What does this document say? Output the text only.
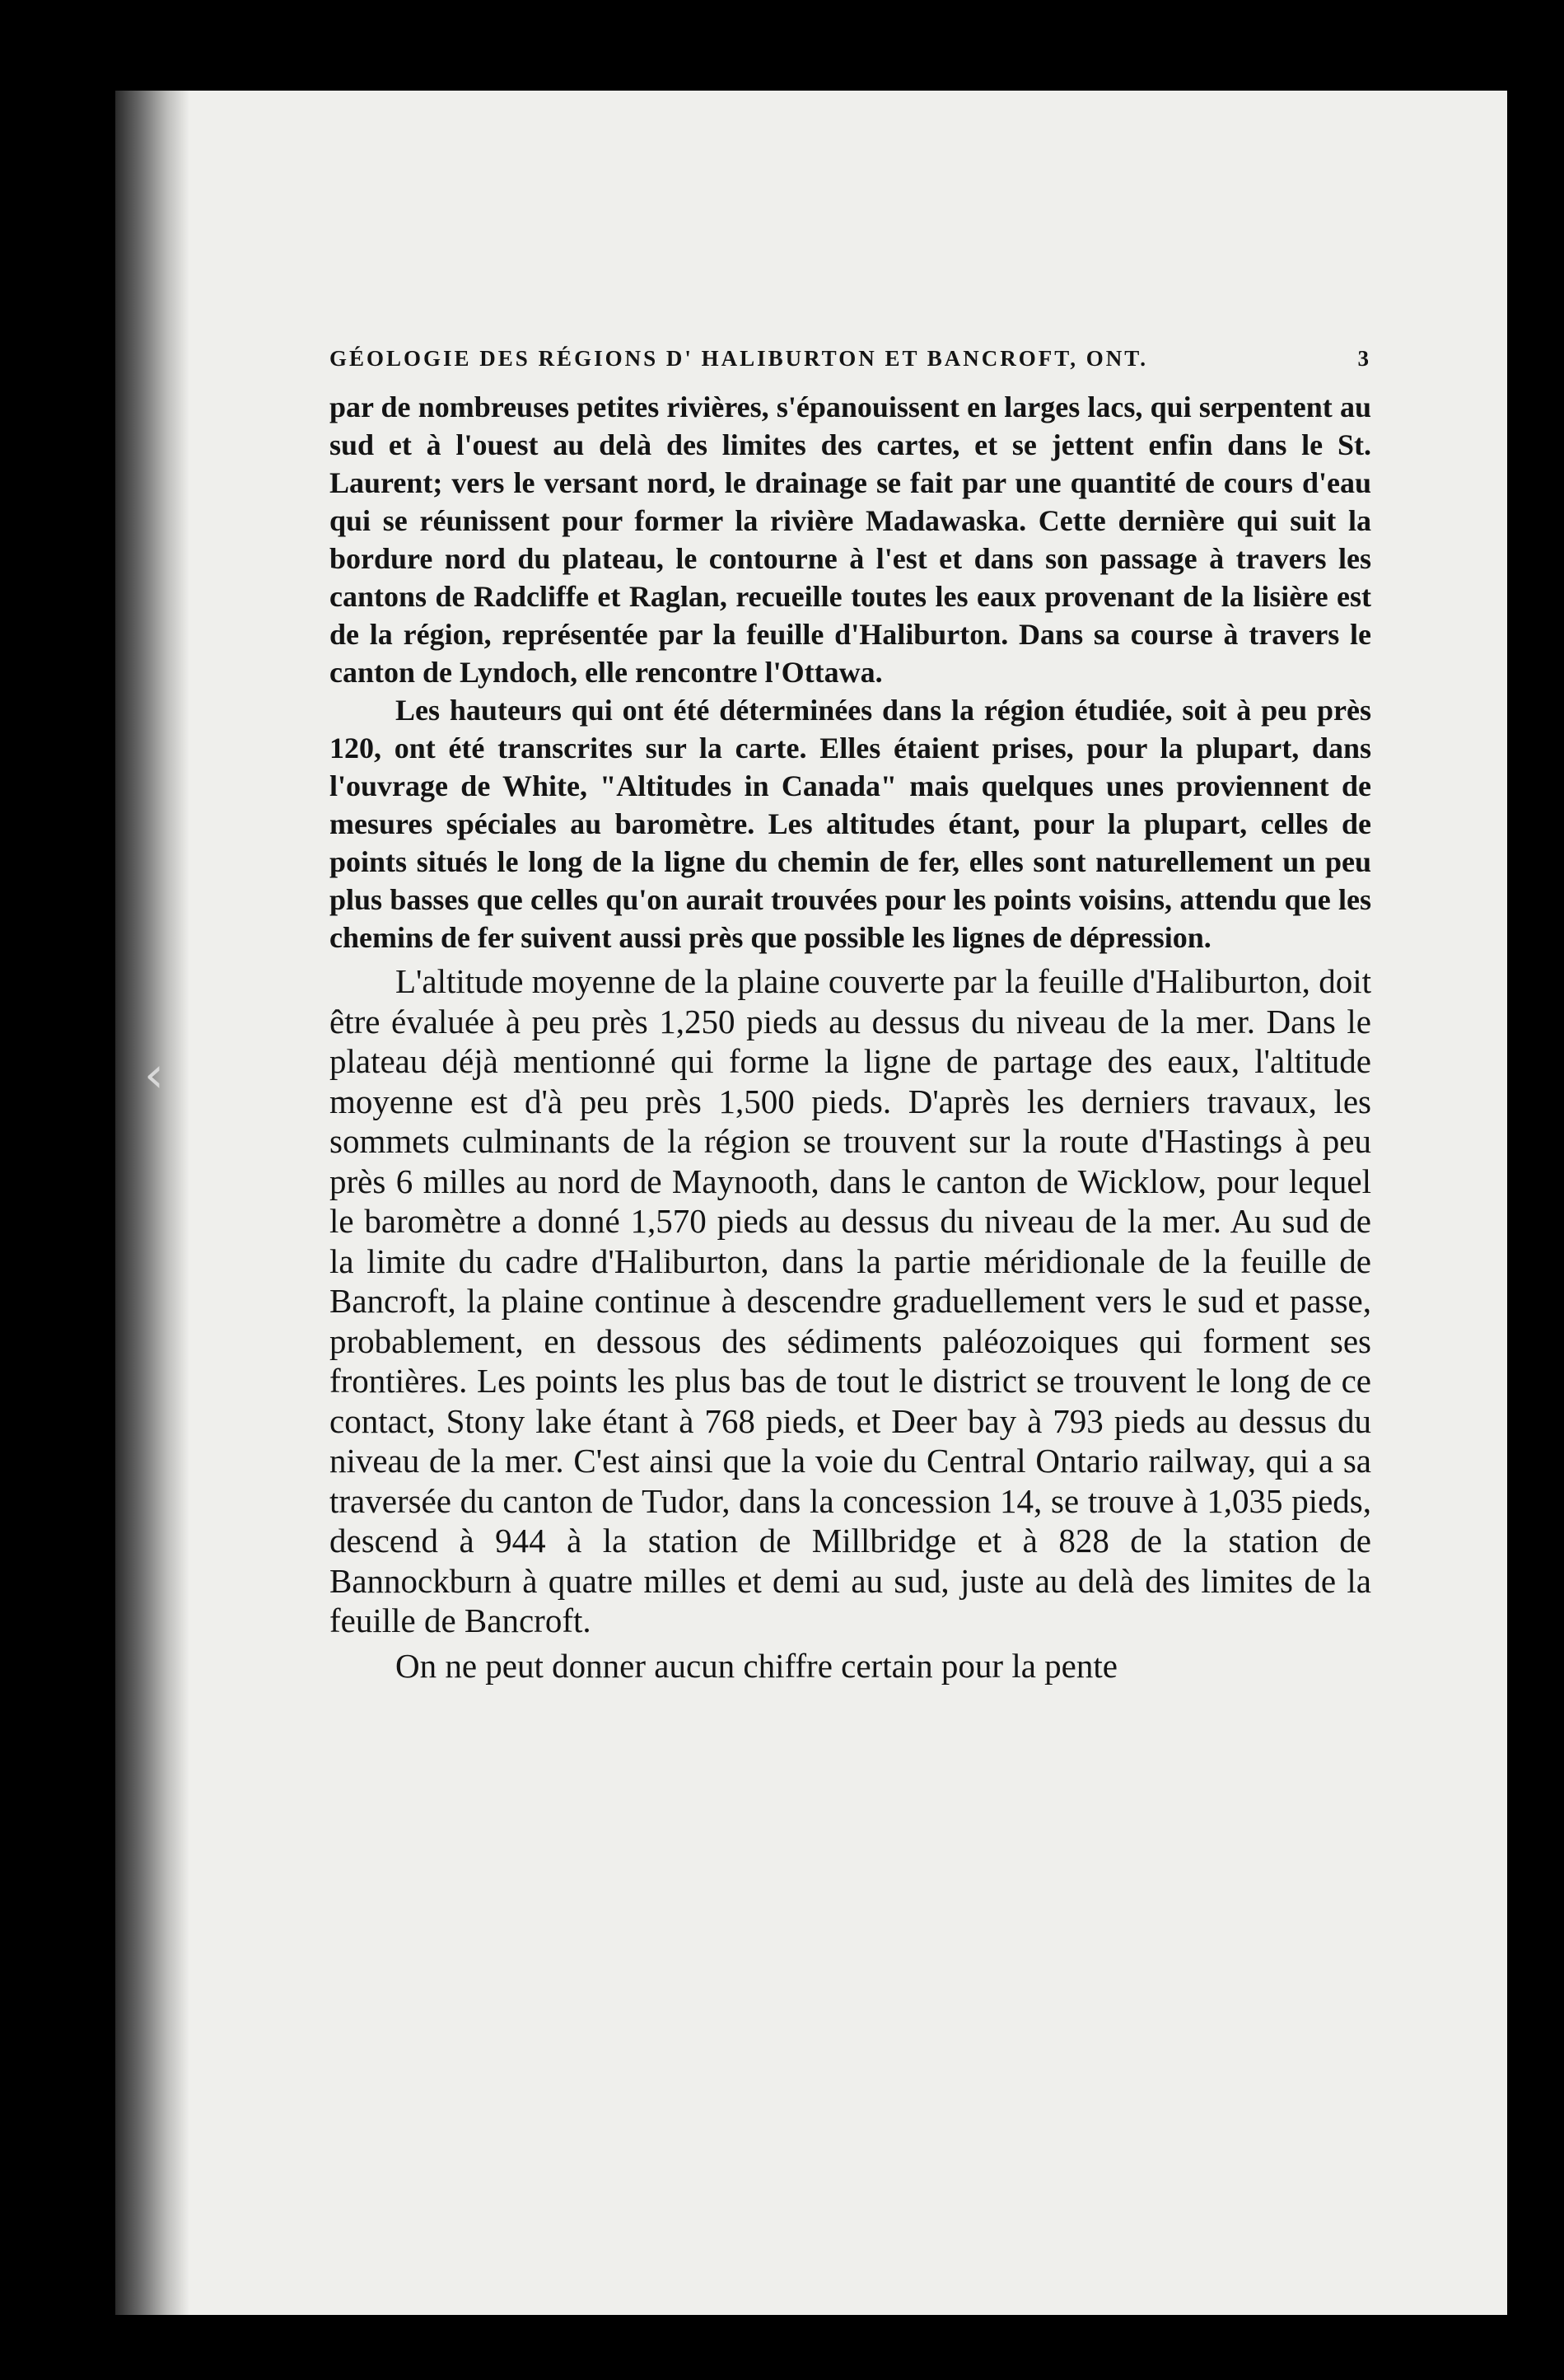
‹
GÉOLOGIE DES RÉGIONS D' HALIBURTON ET BANCROFT, ONT.	3

par de nombreuses petites rivières, s'épanouissent en larges lacs, qui serpentent au sud et à l'ouest au delà des limites des cartes, et se jettent enfin dans le St. Laurent; vers le versant nord, le drainage se fait par une quantité de cours d'eau qui se réunissent pour former la rivière Madawaska. Cette dernière qui suit la bordure nord du plateau, le contourne à l'est et dans son passage à travers les cantons de Radcliffe et Raglan, recueille toutes les eaux provenant de la lisière est de la région, représentée par la feuille d'Haliburton. Dans sa course à travers le canton de Lyndoch, elle rencontre l'Ottawa.

Les hauteurs qui ont été déterminées dans la région étudiée, soit à peu près 120, ont été transcrites sur la carte. Elles étaient prises, pour la plupart, dans l'ouvrage de White, "Altitudes in Canada" mais quelques unes proviennent de mesures spéciales au baromètre. Les altitudes étant, pour la plupart, celles de points situés le long de la ligne du chemin de fer, elles sont naturellement un peu plus basses que celles qu'on aurait trouvées pour les points voisins, attendu que les chemins de fer suivent aussi près que possible les lignes de dépression.

L'altitude moyenne de la plaine couverte par la feuille d'Haliburton, doit être évaluée à peu près 1,250 pieds au dessus du niveau de la mer. Dans le plateau déjà mentionné qui forme la ligne de partage des eaux, l'altitude moyenne est d'à peu près 1,500 pieds. D'après les derniers travaux, les sommets culminants de la région se trouvent sur la route d'Hastings à peu près 6 milles au nord de Maynooth, dans le canton de Wicklow, pour lequel le baromètre a donné 1,570 pieds au dessus du niveau de la mer. Au sud de la limite du cadre d'Haliburton, dans la partie méridionale de la feuille de Bancroft, la plaine continue à descendre graduellement vers le sud et passe, probablement, en dessous des sédiments paléozoiques qui forment ses frontières. Les points les plus bas de tout le district se trouvent le long de ce contact, Stony lake étant à 768 pieds, et Deer bay à 793 pieds au dessus du niveau de la mer. C'est ainsi que la voie du Central Ontario railway, qui a sa traversée du canton de Tudor, dans la concession 14, se trouve à 1,035 pieds, descend à 944 à la station de Millbridge et à 828 de la station de Bannockburn à quatre milles et demi au sud, juste au delà des limites de la feuille de Bancroft.

On ne peut donner aucun chiffre certain pour la pente
